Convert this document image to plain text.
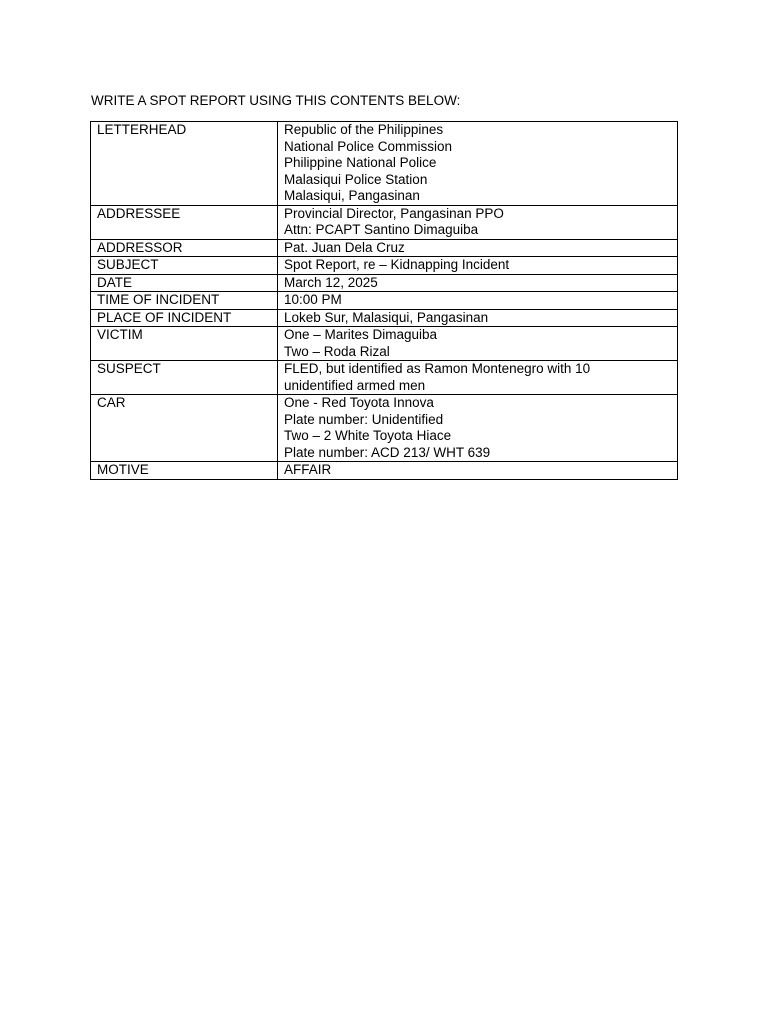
WRITE A SPOT REPORT USING THIS CONTENTS BELOW:
LETTERHEAD	Republic of the Philippines
National Police Commission
Philippine National Police
Malasiqui Police Station
Malasiqui, Pangasinan

ADDRESSEE	Provincial Director, Pangasinan PPO
Attn: PCAPT Santino Dimaguiba

ADDRESSOR	Pat. Juan Dela Cruz

SUBJECT	Spot Report, re – Kidnapping Incident

DATE	March 12, 2025

TIME OF INCIDENT	10:00 PM

PLACE OF INCIDENT	Lokeb Sur, Malasiqui, Pangasinan

VICTIM	One – Marites Dimaguiba
Two – Roda Rizal

SUSPECT	FLED, but identified as Ramon Montenegro with 10
unidentified armed men

CAR	One - Red Toyota Innova
Plate number: Unidentified
Two – 2 White Toyota Hiace
Plate number: ACD 213/ WHT 639

MOTIVE	AFFAIR
